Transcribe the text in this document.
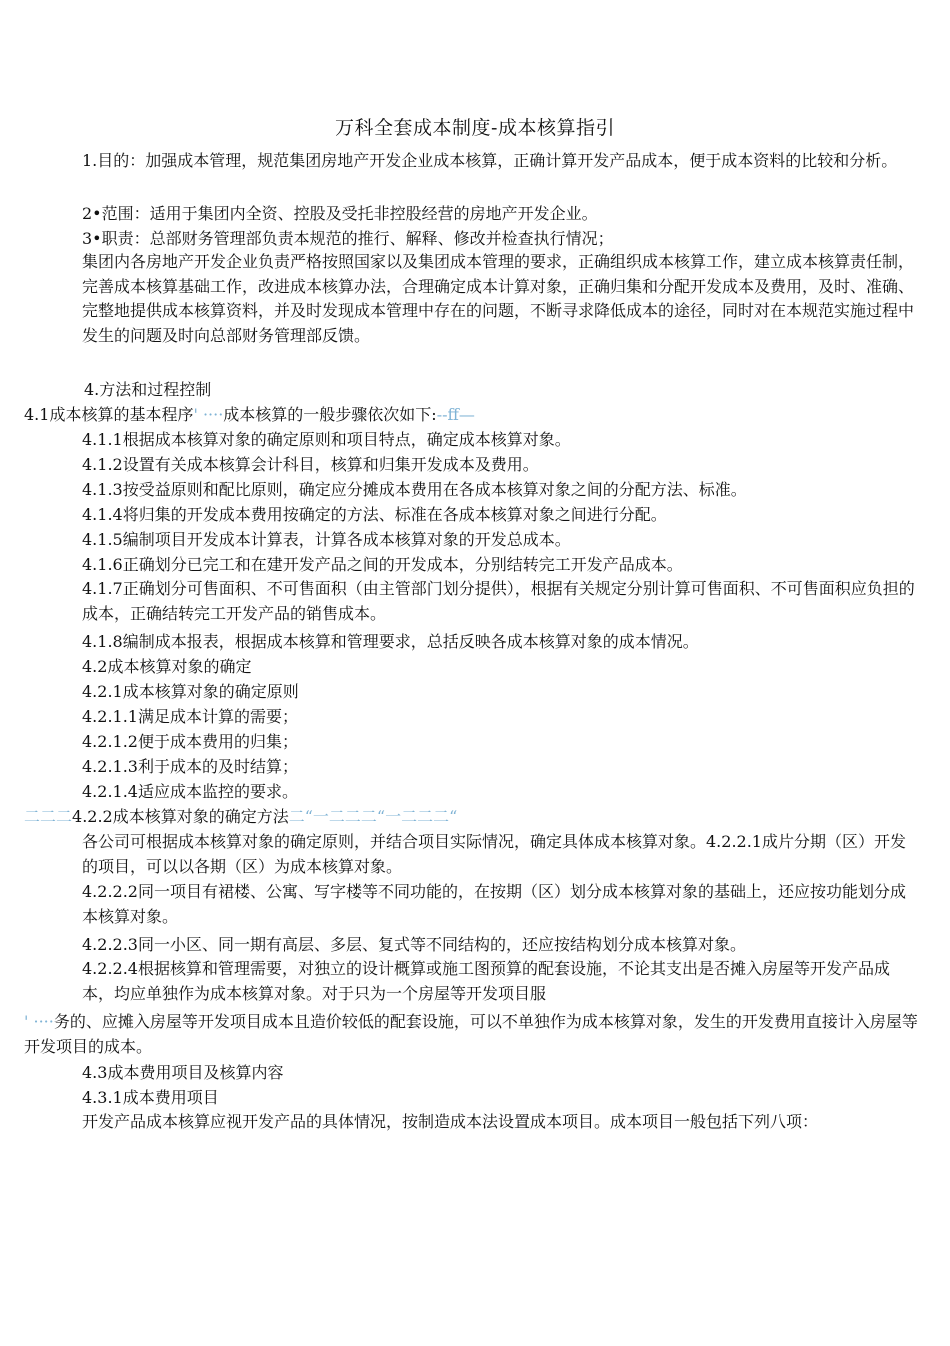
万科全套成本制度-成本核算指引
1.目的：加强成本管理，规范集团房地产开发企业成本核算，正确计算开发产品成本，便于成本资料的比较和分析。
2•范围：适用于集团内全资、控股及受托非控股经营的房地产开发企业。
3•职责：总部财务管理部负责本规范的推行、解释、修改并检查执行情况；
集团内各房地产开发企业负责严格按照国家以及集团成本管理的要求，正确组织成本核算工作，建立成本核算责任制，完善成本核算基础工作，改进成本核算办法，合理确定成本计算对象，正确归集和分配开发成本及费用，及时、准确、完整地提供成本核算资料，并及时发现成本管理中存在的问题，不断寻求降低成本的途径，同时对在本规范实施过程中发生的问题及时向总部财务管理部反馈。
4.方法和过程控制
4.1成本核算的基本程序' ····成本核算的一般步骤依次如下:--ff—
4.1.1根据成本核算对象的确定原则和项目特点，确定成本核算对象。
4.1.2设置有关成本核算会计科目，核算和归集开发成本及费用。
4.1.3按受益原则和配比原则，确定应分摊成本费用在各成本核算对象之间的分配方法、标准。
4.1.4将归集的开发成本费用按确定的方法、标准在各成本核算对象之间进行分配。
4.1.5编制项目开发成本计算表，计算各成本核算对象的开发总成本。
4.1.6正确划分已完工和在建开发产品之间的开发成本，分别结转完工开发产品成本。
4.1.7正确划分可售面积、不可售面积（由主管部门划分提供），根据有关规定分别计算可售面积、不可售面积应负担的成本，正确结转完工开发产品的销售成本。
4.1.8编制成本报表，根据成本核算和管理要求，总括反映各成本核算对象的成本情况。
4.2成本核算对象的确定
4.2.1成本核算对象的确定原则
4.2.1.1满足成本计算的需要；
4.2.1.2便于成本费用的归集；
4.2.1.3利于成本的及时结算；
4.2.1.4适应成本监控的要求。
二二二4.2.2成本核算对象的确定方法二“一二二二“一二二二“
各公司可根据成本核算对象的确定原则，并结合项目实际情况，确定具体成本核算对象。4.2.2.1成片分期（区）开发的项目，可以以各期（区）为成本核算对象。
4.2.2.2同一项目有裙楼、公寓、写字楼等不同功能的，在按期（区）划分成本核算对象的基础上，还应按功能划分成本核算对象。
4.2.2.3同一小区、同一期有高层、多层、复式等不同结构的，还应按结构划分成本核算对象。
4.2.2.4根据核算和管理需要，对独立的设计概算或施工图预算的配套设施，不论其支出是否摊入房屋等开发产品成本，均应单独作为成本核算对象。对于只为一个房屋等开发项目服
' ····务的、应摊入房屋等开发项目成本且造价较低的配套设施，可以不单独作为成本核算对象，发生的开发费用直接计入房屋等开发项目的成本。
4.3成本费用项目及核算内容
4.3.1成本费用项目
开发产品成本核算应视开发产品的具体情况，按制造成本法设置成本项目。成本项目一般包括下列八项：
